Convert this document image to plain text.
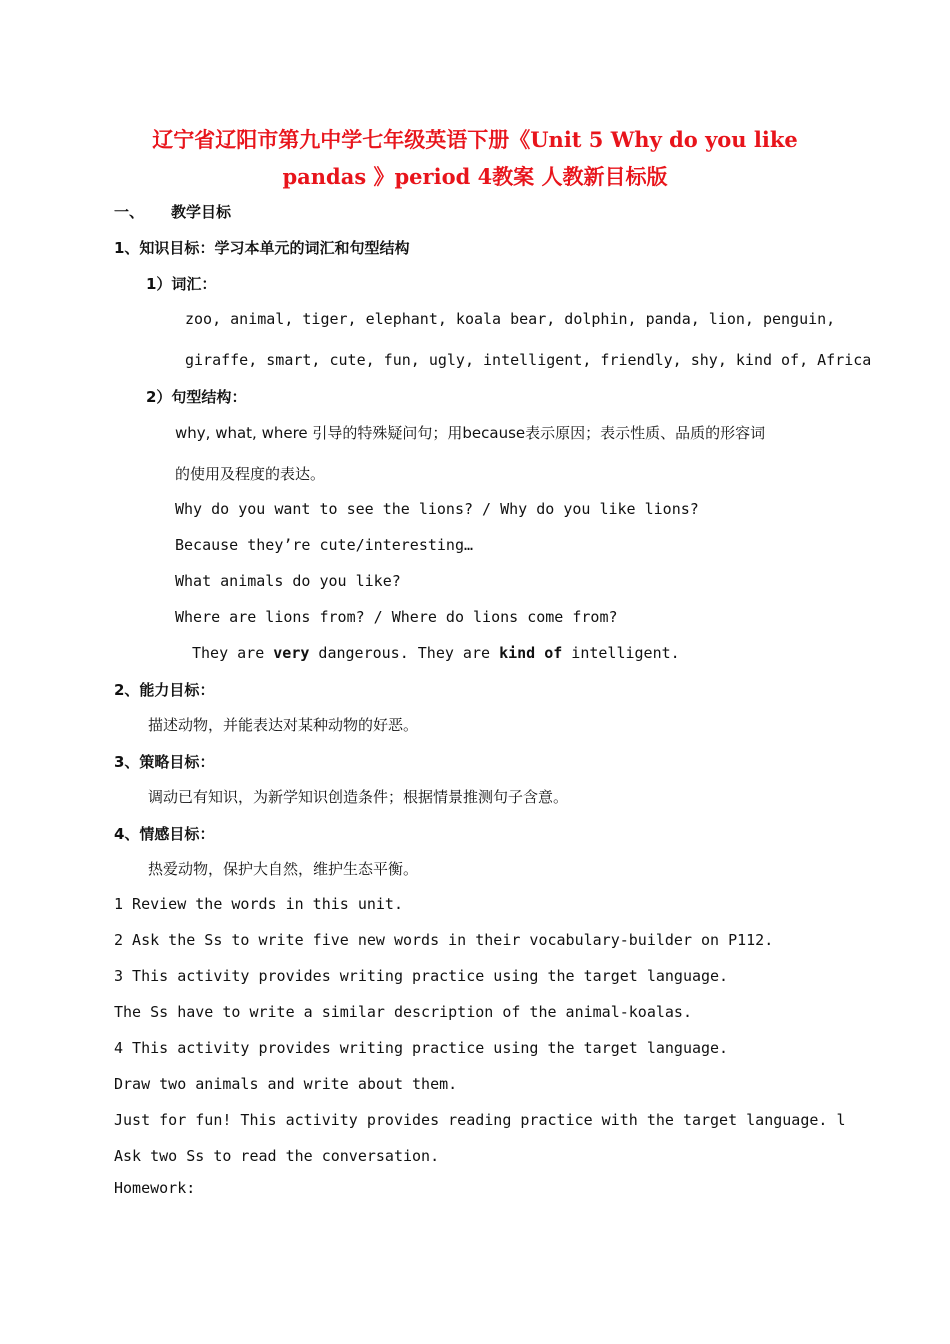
辽宁省辽阳市第九中学七年级英语下册《Unit 5 Why do you like
pandas 》period 4教案 人教新目标版
一、 教学目标
1、知识目标：学习本单元的词汇和句型结构
1）词汇：
zoo, animal, tiger, elephant, koala bear, dolphin, panda, lion, penguin,
giraffe, smart, cute, fun, ugly, intelligent, friendly, shy, kind of, Africa
2）句型结构：
why, what, where 引导的特殊疑问句；用because表示原因；表示性质、品质的形容词
的使用及程度的表达。
Why do you want to see the lions? / Why do you like lions?
Because they’re cute/interesting…
What animals do you like?
Where are lions from? / Where do lions come from?
They are very dangerous. They are kind of intelligent.
2、能力目标：
描述动物，并能表达对某种动物的好恶。
3、策略目标：
调动已有知识，为新学知识创造条件；根据情景推测句子含意。
4、情感目标：
热爱动物，保护大自然，维护生态平衡。
1 Review the words in this unit.
2 Ask the Ss to write five new words in their vocabulary-builder on P112.
3 This activity provides writing practice using the target language.
The Ss have to write a similar description of the animal-koalas.
4 This activity provides writing practice using the target language.
Draw two animals and write about them.
Just for fun! This activity provides reading practice with the target language. l
Ask two Ss to read the conversation.
Homework:
